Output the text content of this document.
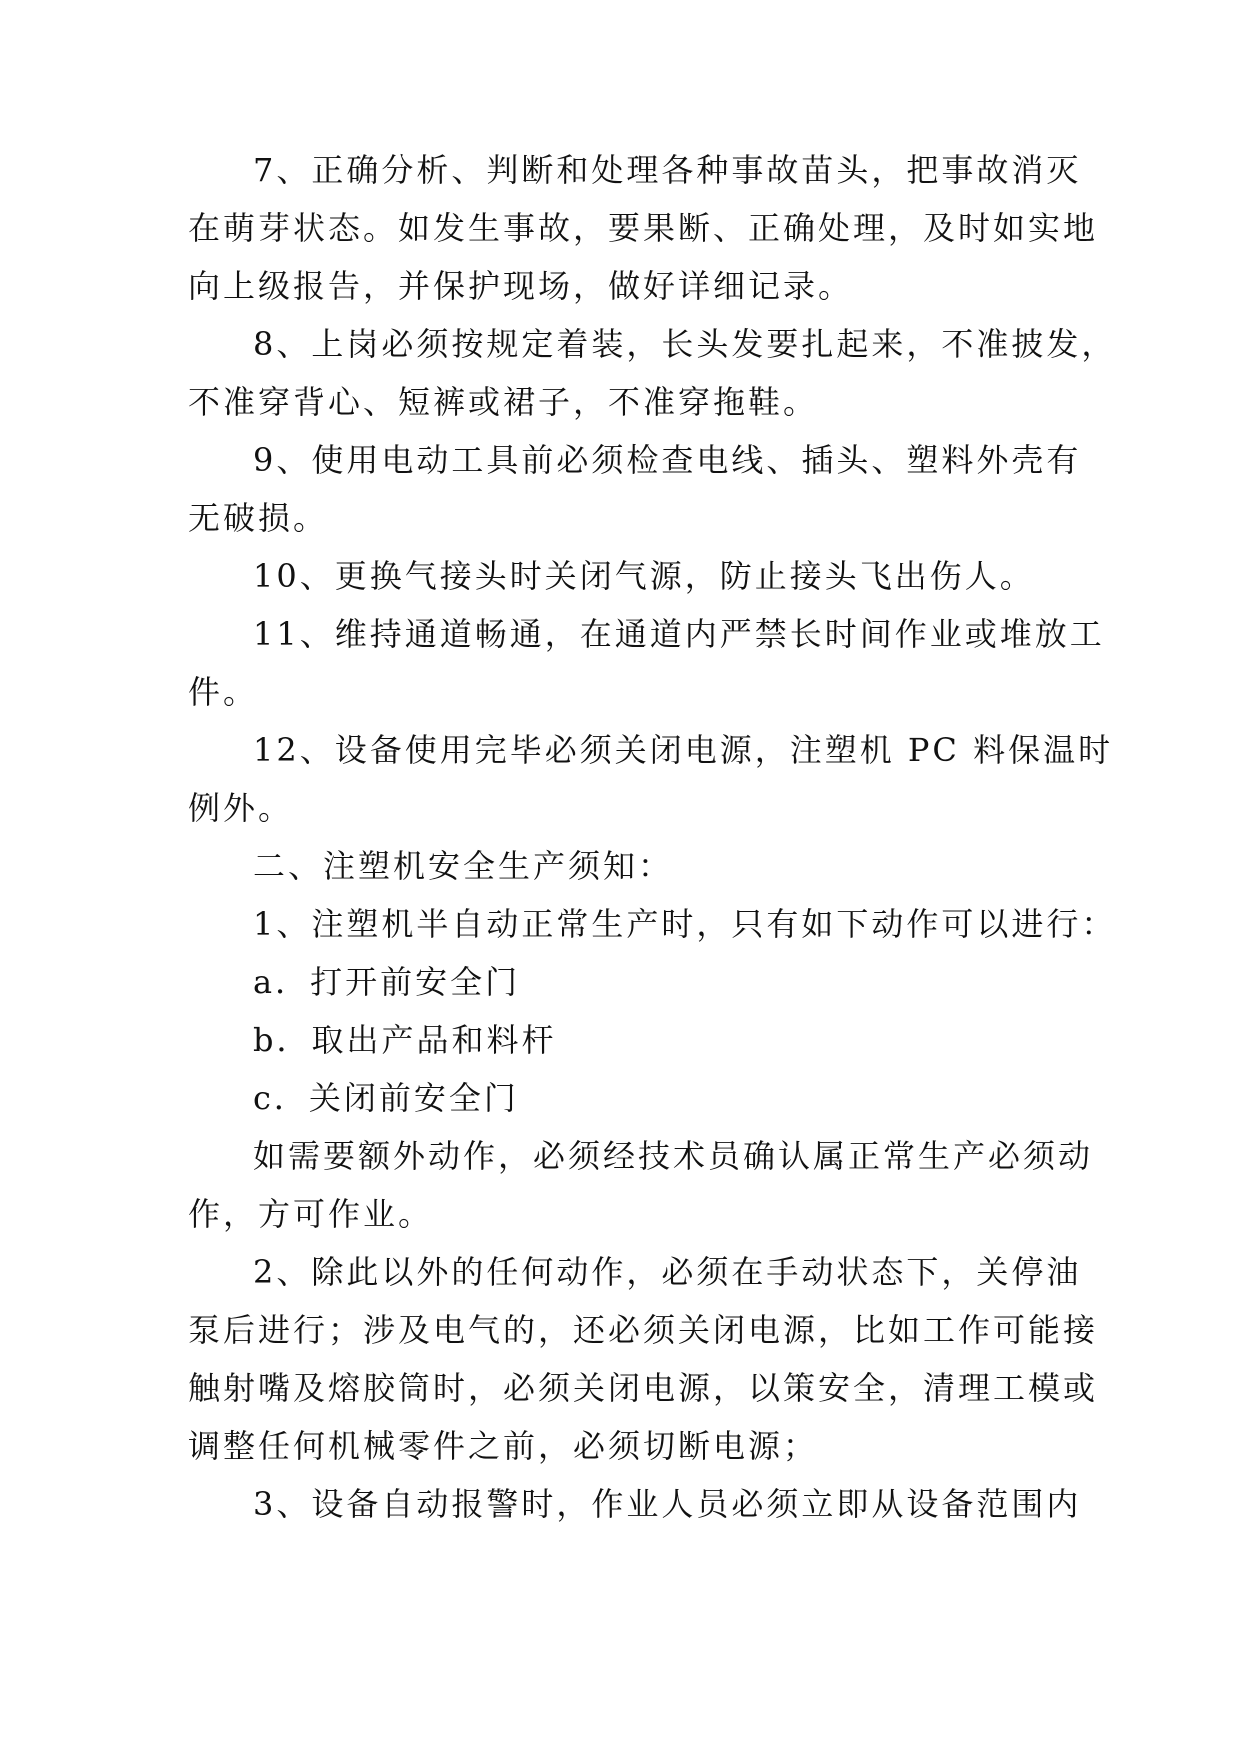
7、正确分析、判断和处理各种事故苗头，把事故消灭
在萌芽状态。如发生事故，要果断、正确处理，及时如实地
向上级报告，并保护现场，做好详细记录。
8、上岗必须按规定着装，长头发要扎起来，不准披发，
不准穿背心、短裤或裙子，不准穿拖鞋。
9、使用电动工具前必须检查电线、插头、塑料外壳有
无破损。
10、更换气接头时关闭气源，防止接头飞出伤人。
11、维持通道畅通，在通道内严禁长时间作业或堆放工
件。
12、设备使用完毕必须关闭电源，注塑机 PC 料保温时
例外。
二、注塑机安全生产须知：
1、注塑机半自动正常生产时，只有如下动作可以进行：
a．打开前安全门
b．取出产品和料杆
c．关闭前安全门
如需要额外动作，必须经技术员确认属正常生产必须动
作，方可作业。
2、除此以外的任何动作，必须在手动状态下，关停油
泵后进行；涉及电气的，还必须关闭电源，比如工作可能接
触射嘴及熔胶筒时，必须关闭电源，以策安全，清理工模或
调整任何机械零件之前，必须切断电源；
3、设备自动报警时，作业人员必须立即从设备范围内
